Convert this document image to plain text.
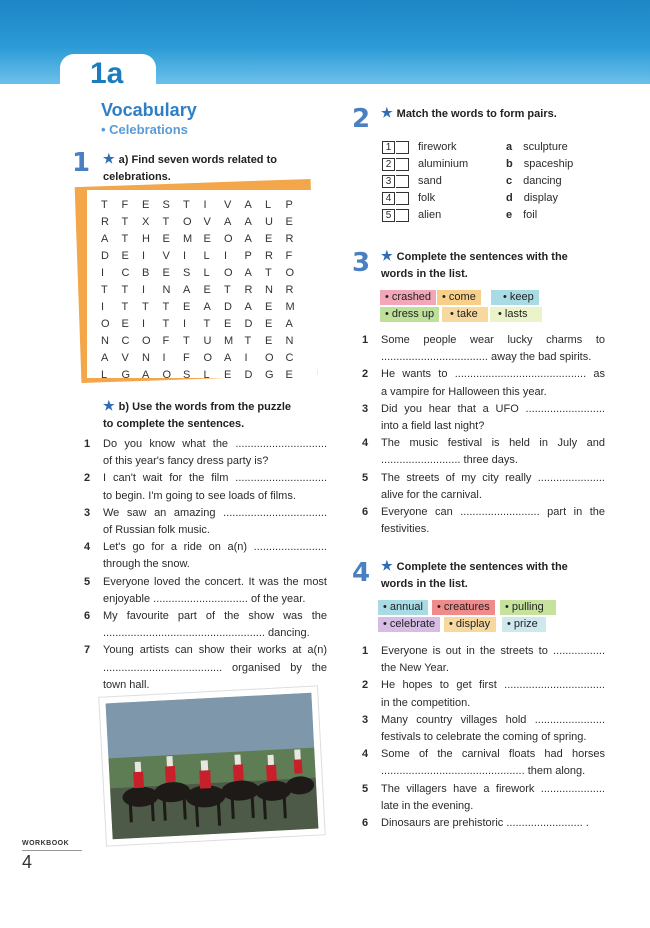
1a
Vocabulary
• Celebrations
1 ★ a) Find seven words related to
celebrations.
T	F	E	S	T	I	V	A	L	P
R	T	X	T	O	V	A	A	U	E
A	T	H	E	M	E	O	A	E	R
D	E	I	V	I	L	I	P	R	F
I	C	B	E	S	L	O	A	T	O
T	T	I	N	A	E	T	R	N	R
I	T	T	T	E	A	D	A	E	M
O	E	I	T	I	T	E	D	E	A
N	C	O	F	T	U	M	T	E	N
A	V	N	I	F	O	A	I	O	C
L	G	A	O	S	L	E	D	G	E
★ b) Use the words from the puzzle
to complete the sentences.
1 Do you know what the ..............................
of this year's fancy dress party is?
2 I can't wait for the film ..............................
to begin. I'm going to see loads of films.
3 We saw an amazing ..................................
of Russian folk music.
4 Let's go for a ride on a(n) ........................
through the snow.
5 Everyone loved the concert. It was the most
enjoyable ............................... of the year.
6 My favourite part of the show was the
..................................................... dancing.
7 Young artists can show their works at a(n)
....................................... organised by the
town hall.
2 ★ Match the words to form pairs.
1 firework	a sculpture
2 aluminium	b spaceship
3 sand	c dancing
4 folk	d display
5 alien	e foil
3 ★ Complete the sentences with the
words in the list.
• crashed • come	• keep
• dress up	• take	• lasts
1 Some people wear lucky charms to
................................... away the bad spirits.
2 He wants to ........................................... as
a vampire for Halloween this year.
3 Did you hear that a UFO ..........................
into a field last night?
4 The music festival is held in July and
.......................... three days.
5 The streets of my city really ......................
alive for the carnival.
6 Everyone can .......................... part in the
festivities.
4 ★ Complete the sentences with the
words in the list.
• annual	• creatures	• pulling
• celebrate	• display	• prize
1 Everyone is out in the streets to .................
the New Year.
2 He hopes to get first .................................
in the competition.
3 Many country villages hold .......................
festivals to celebrate the coming of spring.
4 Some of the carnival floats had horses
............................................... them along.
5 The villagers have a firework .....................
late in the evening.
6 Dinosaurs are prehistoric ......................... .
WORKBOOK
4
